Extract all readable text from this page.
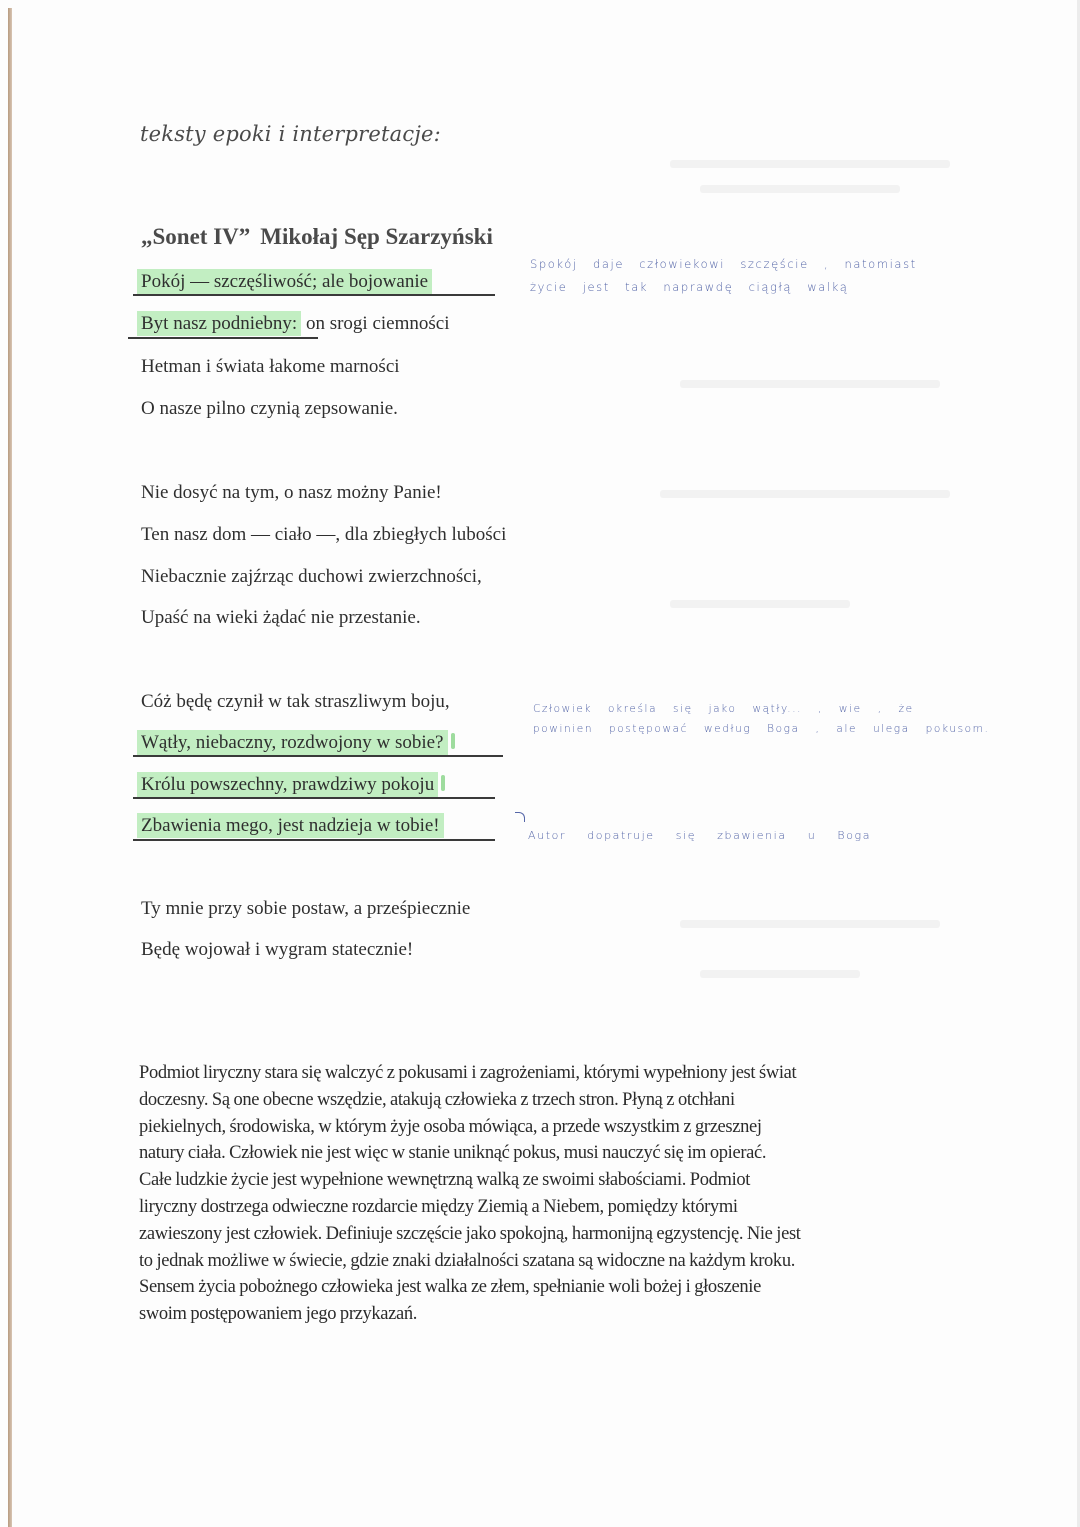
teksty epoki i interpretacje:
„Sonet IV” Mikołaj Sęp Szarzyński
Pokój — szczęśliwość; ale bojowanie
Byt nasz podniebny: on srogi ciemności
Hetman i świata łakome marności
O nasze pilno czynią zepsowanie.
Nie dosyć na tym, o nasz możny Panie!
Ten nasz dom — ciało —, dla zbiegłych lubości
Niebacznie zajźrząc duchowi zwierzchności,
Upaść na wieki żądać nie przestanie.
Cóż będę czynił w tak straszliwym boju,
Wątły, niebaczny, rozdwojony w sobie?
Królu powszechny, prawdziwy pokoju
Zbawienia mego, jest nadzieja w tobie!
Ty mnie przy sobie postaw, a prześpiecznie
Będę wojował i wygram statecznie!
Spokój daje człowiekowi szczęście , natomiast
życie jest tak naprawdę ciągłą walką
Człowiek określa się jako wątły... , wie , że
powinien postępować według Boga , ale ulega pokusom.
Autor dopatruje się zbawienia u Boga
Podmiot liryczny stara się walczyć z pokusami i zagrożeniami, którymi wypełniony jest świat
doczesny. Są one obecne wszędzie, atakują człowieka z trzech stron. Płyną z otchłani
piekielnych, środowiska, w którym żyje osoba mówiąca, a przede wszystkim z grzesznej
natury ciała. Człowiek nie jest więc w stanie uniknąć pokus, musi nauczyć się im opierać.
Całe ludzkie życie jest wypełnione wewnętrzną walką ze swoimi słabościami. Podmiot
liryczny dostrzega odwieczne rozdarcie między Ziemią a Niebem, pomiędzy którymi
zawieszony jest człowiek. Definiuje szczęście jako spokojną, harmonijną egzystencję. Nie jest
to jednak możliwe w świecie, gdzie znaki działalności szatana są widoczne na każdym kroku.
Sensem życia pobożnego człowieka jest walka ze złem, spełnianie woli bożej i głoszenie
swoim postępowaniem jego przykazań.
